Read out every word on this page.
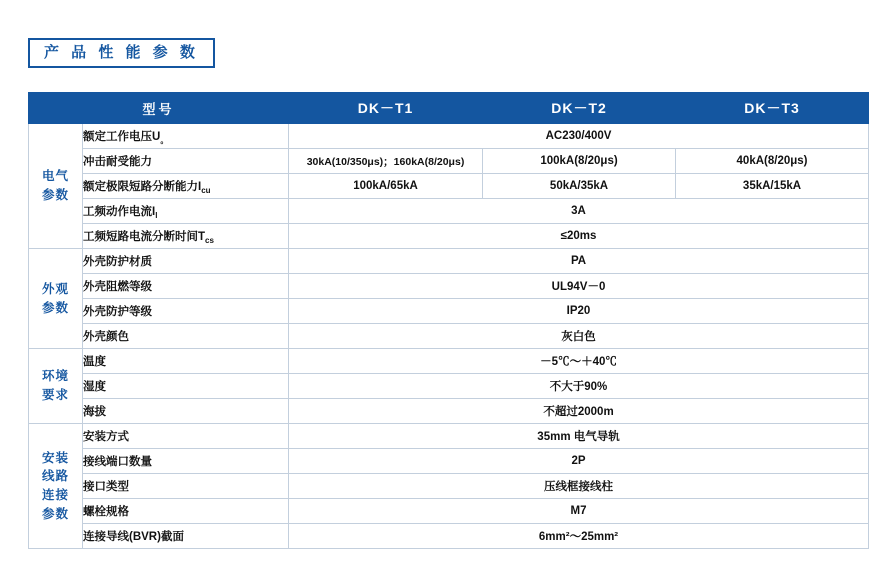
产 品 性 能 参 数
型号		DK－T1	DK－T2	DK－T3

电气
参数	额定工作电压$U_。$	AC230/400V		
	冲击耐受能力	30kA(10/350μs)；160kA(8/20μs)	100kA(8/20μs)	40kA(8/20μs)
	额定极限短路分断能力$I_{cu}$	100kA/65kA	50kA/35kA	35kA/15kA
	工频动作电流$I_l$	3A		
	工频短路电流分断时间$T_{cs}$	≤20ms		

外观
参数	外壳防护材质	PA		
	外壳阻燃等级	UL94V－0		
	外壳防护等级	IP20		
	外壳颜色	灰白色		

环境
要求	温度	－5℃～＋40℃		
	湿度	不大于90%		
	海拔	不超过2000m		

安装
线路
连接
参数	安装方式	35mm 电气导轨		
	接线端口数量	2P		
	接口类型	压线框接线柱		
	螺栓规格	M7		
	连接导线(BVR)截面	6mm²～25mm²		
